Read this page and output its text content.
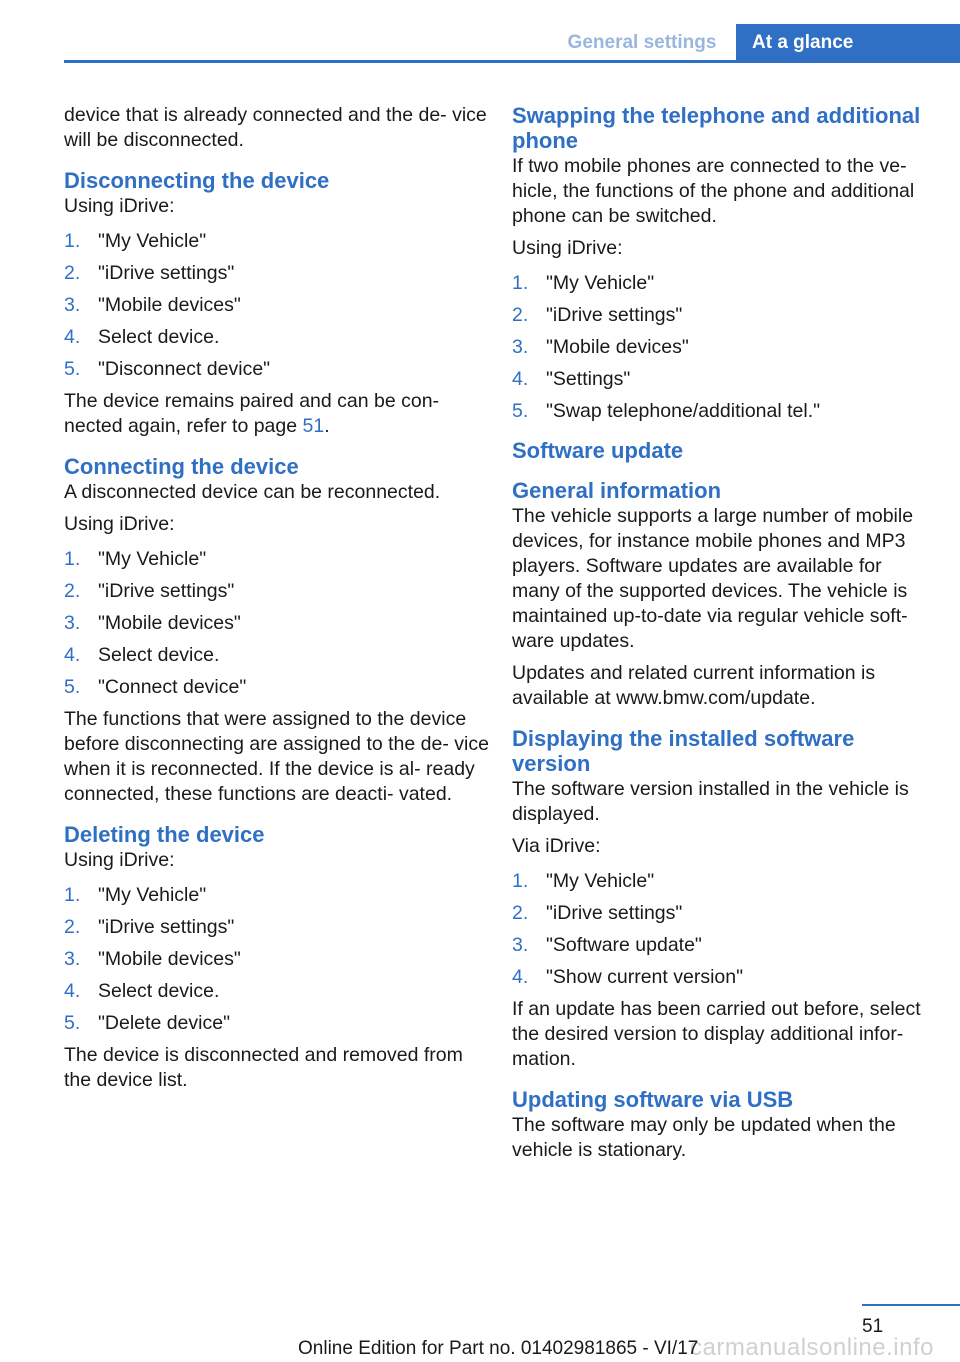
General settings	At a glance

device that is already connected and the de‐ vice will be disconnected.

Disconnecting the device

Using iDrive:

1. "My Vehicle"
2. "iDrive settings"
3. "Mobile devices"
4. Select device.
5. "Disconnect device"

The device remains paired and can be con‐ nected again, refer to page 51.

Connecting the device

A disconnected device can be reconnected.

Using iDrive:

1. "My Vehicle"
2. "iDrive settings"
3. "Mobile devices"
4. Select device.
5. "Connect device"

The functions that were assigned to the device before disconnecting are assigned to the de‐ vice when it is reconnected. If the device is al‐ ready connected, these functions are deacti‐ vated.

Deleting the device

Using iDrive:

1. "My Vehicle"
2. "iDrive settings"
3. "Mobile devices"
4. Select device.
5. "Delete device"

The device is disconnected and removed from the device list.

Swapping the telephone and additional phone

If two mobile phones are connected to the ve‐ hicle, the functions of the phone and additional phone can be switched.

Using iDrive:

1. "My Vehicle"
2. "iDrive settings"
3. "Mobile devices"
4. "Settings"
5. "Swap telephone/additional tel."
Software update
General information

The vehicle supports a large number of mobile devices, for instance mobile phones and MP3 players. Software updates are available for many of the supported devices. The vehicle is maintained up-to-date via regular vehicle soft‐ ware updates.

Updates and related current information is available at www.bmw.com/update.

Displaying the installed software version

The software version installed in the vehicle is displayed.

Via iDrive:

1. "My Vehicle"
2. "iDrive settings"
3. "Software update"
4. "Show current version"

If an update has been carried out before, select the desired version to display additional infor‐ mation.

Updating software via USB

The software may only be updated when the vehicle is stationary.

51
carmanualsonline.info
Online Edition for Part no. 01402981865 - VI/17
